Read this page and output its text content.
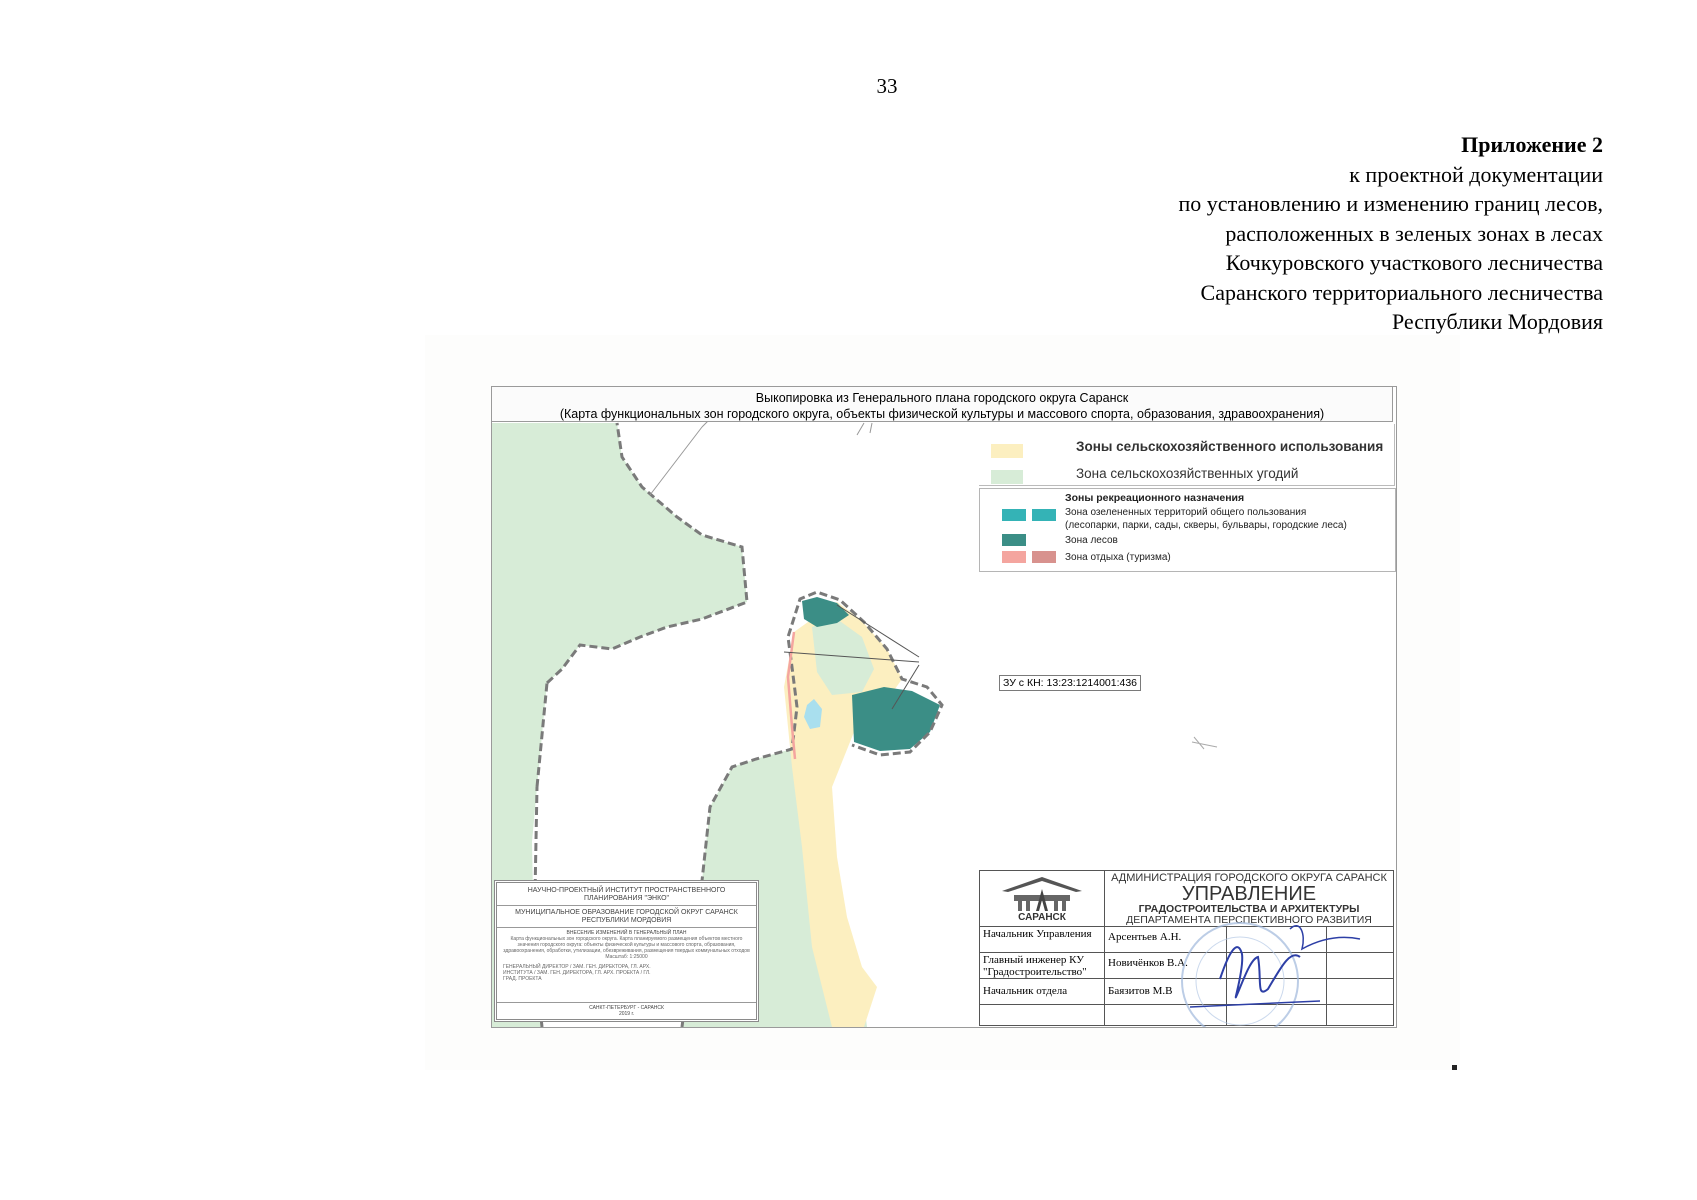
33
Приложение 2
к проектной документации
по установлению и изменению границ лесов,
расположенных в зеленых зонах в лесах
Кочкуровского участкового лесничества
Саранского территориального лесничества
Республики Мордовия
Выкопировка из Генерального плана городского округа Саранск
(Карта функциональных зон городского округа, объекты физической культуры и массового спорта, образования, здравоохранения)
Зоны сельскохозяйственного использования
Зона сельскохозяйственных угодий
Зоны рекреационного назначения
Зона озелененных территорий общего пользования
(лесопарки, парки, сады, скверы, бульвары, городские леса)
Зона лесов
Зона отдыха (туризма)
ЗУ с КН: 13:23:1214001:436
НАУЧНО-ПРОЕКТНЫЙ ИНСТИТУТ ПРОСТРАНСТВЕННОГО ПЛАНИРОВАНИЯ "ЭНКО"
МУНИЦИПАЛЬНОЕ ОБРАЗОВАНИЕ ГОРОДСКОЙ ОКРУГ САРАНСК РЕСПУБЛИКИ МОРДОВИЯ
ВНЕСЕНИЕ ИЗМЕНЕНИЙ В ГЕНЕРАЛЬНЫЙ ПЛАН
Карта функциональных зон городского округа. Карта планируемого размещения объектов местного значения городского округа: объекты физической культуры и массового спорта, образования, здравоохранения, обработки, утилизации, обезвреживания, размещения твердых коммунальных отходов Масштаб: 1:25000
ГЕНЕРАЛЬНЫЙ ДИРЕКТОР / ЗАМ. ГЕН. ДИРЕКТОРА, ГЛ. АРХ. ИНСТИТУТА / ЗАМ. ГЕН. ДИРЕКТОРА, ГЛ. АРХ. ПРОЕКТА / ГЛ. ГРАД. ПРОЕКТА
САНКТ-ПЕТЕРБУРГ - САРАНСК
2019 г.
САРАНСК
АДМИНИСТРАЦИЯ ГОРОДСКОГО ОКРУГА САРАНСК
УПРАВЛЕНИЕ
ГРАДОСТРОИТЕЛЬСТВА И АРХИТЕКТУРЫ
ДЕПАРТАМЕНТА ПЕРСПЕКТИВНОГО РАЗВИТИЯ
Начальник Управления	Арсентьев А.Н.
Главный инженер КУ "Градостроительство"
Новичёнков В.А.
Начальник отдела	Баязитов М.В
